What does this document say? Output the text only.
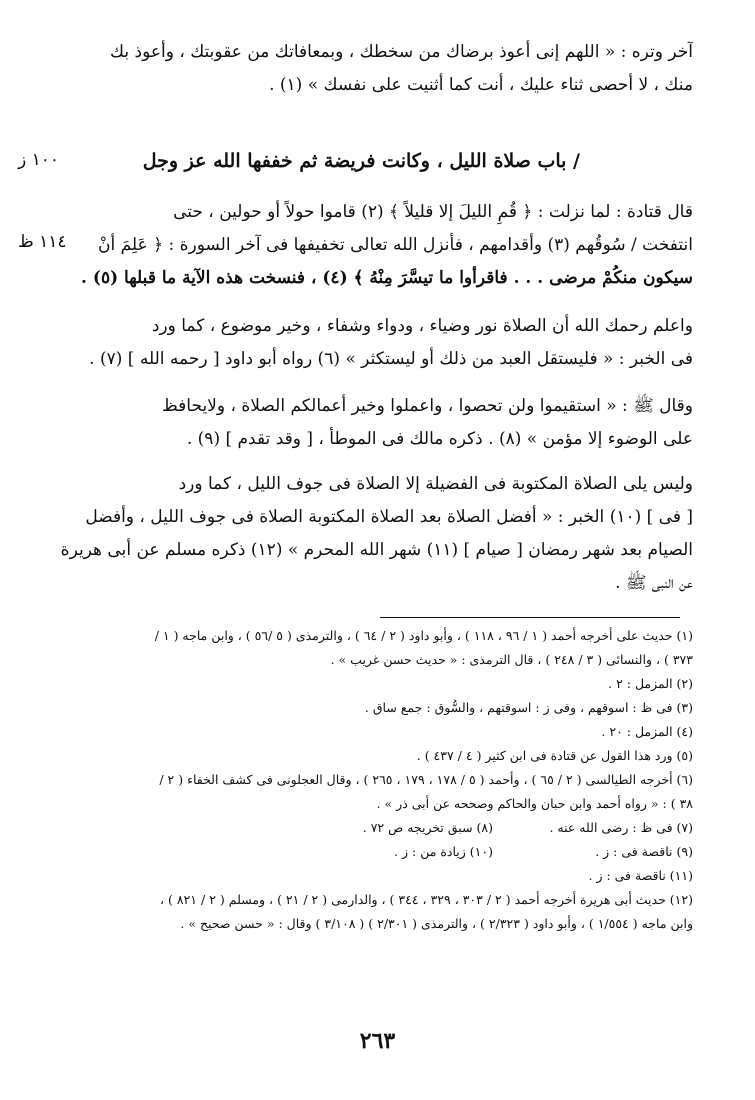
آخر وتره : « اللهم إنى أعوذ برضاك من سخطك ، وبمعافاتك من عقوبتك ، وأعوذ بك
منك ، لا أحصى ثناء عليك ، أنت كما أثنيت على نفسك » (١) .
/ باب صلاة الليل ، وكانت فريضة ثم خففها الله عز وجل
١٠٠ ز
قال قتادة : لما نزلت : ﴿ قُمِ الليلَ إلا قليلاً ﴾ (٢) قاموا حولاً أو حولين ، حتى
انتفخت / سُوقُهم (٣) وأقدامهم ، فأنزل الله تعالى تخفيفها فى آخر السورة : ﴿ عَلِمَ أنْ
سيكون منكُمْ مرضى . . . فاقرأوا ما تيسَّرَ مِنْهُ ﴾ (٤) ، فنسخت هذه الآية ما قبلها (٥) .
١١٤ ظ
واعلم رحمك الله أن الصلاة نور وضياء ، ودواء وشفاء ، وخير موضوع ، كما ورد
فى الخبر : « فليستقل العبد من ذلك أو ليستكثر » (٦) رواه أبو داود [ رحمه الله ] (٧) .
وقال ﷺ : « استقيموا ولن تحصوا ، واعملوا وخير أعمالكم الصلاة ، ولايحافظ
على الوضوء إلا مؤمن » (٨) . ذكره مالك فى الموطأ ، [ وقد تقدم ] (٩) .
وليس يلى الصلاة المكتوبة فى الفضيلة إلا الصلاة فى جوف الليل ، كما ورد
[ فى ] (١٠) الخبر : « أفضل الصلاة بعد الصلاة المكتوبة الصلاة فى جوف الليل ، وأفضل
الصيام بعد شهر رمضان [ صيام ] (١١) شهر الله المحرم » (١٢) ذكره مسلم عن أبى هريرة
عن النبى ﷺ .
(١) حديث على أخرجه أحمد ( ١ / ٩٦ ، ١١٨ ) ، وأبو داود ( ٢ / ٦٤ ) ، والترمذى ( ٥ /٥٦ ) ، وابن ماجه ( ١ /
٣٧٣ ) ، والنسائى ( ٣ / ٢٤٨ ) ، قال الترمذى : « حديث حسن غريب » .
(٢) المزمل : ٢ .
(٣) فى ظ : اسوقهم ، وفى ز : اسوقتهم ، والسُّوق : جمع ساق .
(٤) المزمل : ٢٠ .
(٥) ورد هذا القول عن قتادة فى ابن كثير ( ٤ / ٤٣٧ ) .
(٦) أخرجه الطيالسى ( ٢ / ٦٥ ) ، وأحمد ( ٥ / ١٧٨ ، ١٧٩ ، ٢٦٥ ) ، وقال العجلونى فى كشف الخفاء ( ٢ /
٣٨ ) : « رواه أحمد وابن حبان والحاكم وصححه عن أبى ذر » .
(٧) فى ظ : رضى الله عنه .(٨) سبق تخريجه ص ٧٢ .
(٩) ناقصة فى : ز .(١٠) زيادة من : ز .
(١١) ناقصة فى : ز .
(١٢) حديث أبى هريرة أخرجه أحمد ( ٢ / ٣٠٣ ، ٣٢٩ ، ٣٤٤ ) ، والدارمى ( ٢ / ٢١ ) ، ومسلم ( ٢ / ٨٢١ ) ،
وابن ماجه ( ١/٥٥٤ ) ، وأبو داود ( ٢/٣٢٣ ) ، والترمذى ( ٢/٣٠١ ) ( ٣/١٠٨ ) وقال : « حسن صحيح » .
٢٦٣
